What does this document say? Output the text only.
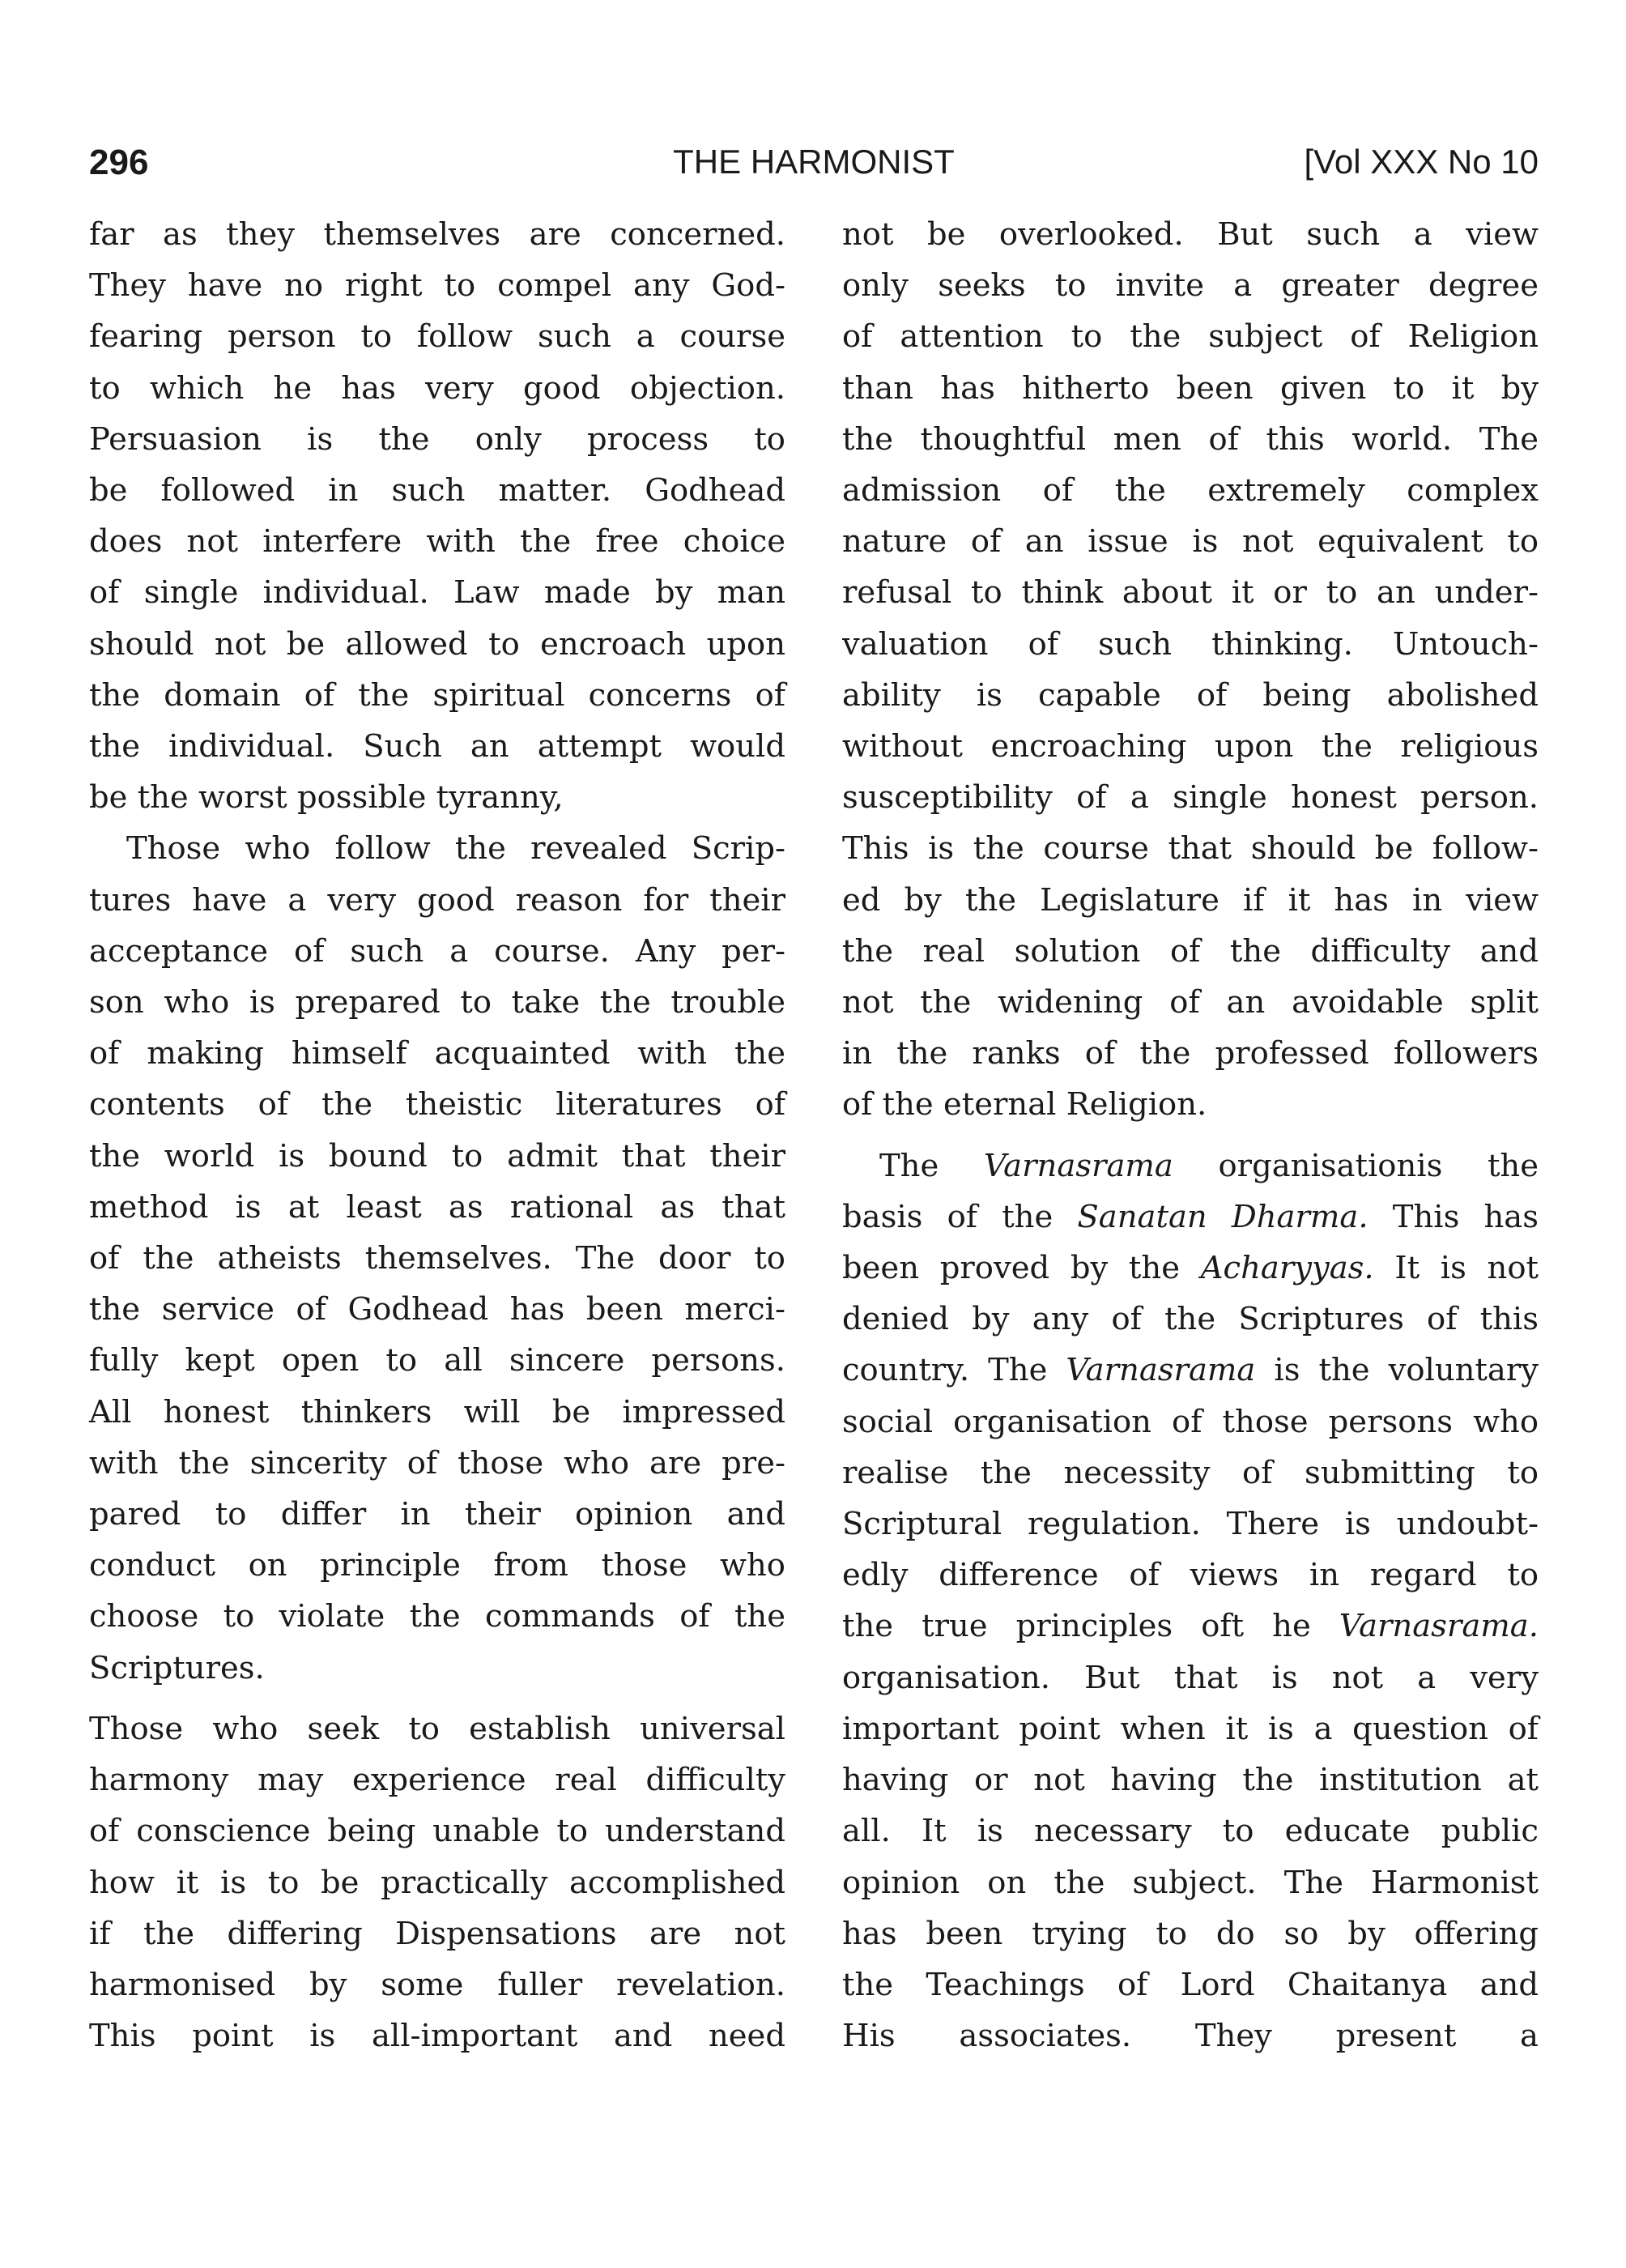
296	THE HARMONIST	[Vol XXX No 10

far as they themselves are concerned.
They have no right to compel any God-
fearing person to follow such a course
to which he has very good objection.
Persuasion is the only process to
be followed in such matter. Godhead
does not interfere with the free choice
of single individual. Law made by man
should not be allowed to encroach upon
the domain of the spiritual concerns of
the individual. Such an attempt would
be the worst possible tyranny,

Those who follow the revealed Scrip-
tures have a very good reason for their
acceptance of such a course. Any per-
son who is prepared to take the trouble
of making himself acquainted with the
contents of the theistic literatures of
the world is bound to admit that their
method is at least as rational as that
of the atheists themselves. The door to
the service of Godhead has been merci-
fully kept open to all sincere persons.
All honest thinkers will be impressed
with the sincerity of those who are pre-
pared to differ in their opinion and
conduct on principle from those who
choose to violate the commands of the
Scriptures.

Those who seek to establish universal
harmony may experience real difficulty
of conscience being unable to understand
how it is to be practically accomplished
if the differing Dispensations are not
harmonised by some fuller revelation.
This point is all-important and need

not be overlooked. But such a view
only seeks to invite a greater degree
of attention to the subject of Religion
than has hitherto been given to it by
the thoughtful men of this world. The
admission of the extremely complex
nature of an issue is not equivalent to
refusal to think about it or to an under-
valuation of such thinking. Untouch-
ability is capable of being abolished
without encroaching upon the religious
susceptibility of a single honest person.
This is the course that should be follow-
ed by the Legislature if it has in view
the real solution of the difficulty and
not the widening of an avoidable split
in the ranks of the professed followers
of the eternal Religion.

The Varnasrama organisationis the
basis of the Sanatan Dharma. This has
been proved by the Acharyyas. It is not
denied by any of the Scriptures of this
country. The Varnasrama is the voluntary
social organisation of those persons who
realise the necessity of submitting to
Scriptural regulation. There is undoubt-
edly difference of views in regard to
the true principles oft he Varnasrama.
organisation. But that is not a very
important point when it is a question of
having or not having the institution at
all. It is necessary to educate public
opinion on the subject. The Harmonist
has been trying to do so by offering
the Teachings of Lord Chaitanya and
His associates. They present a
